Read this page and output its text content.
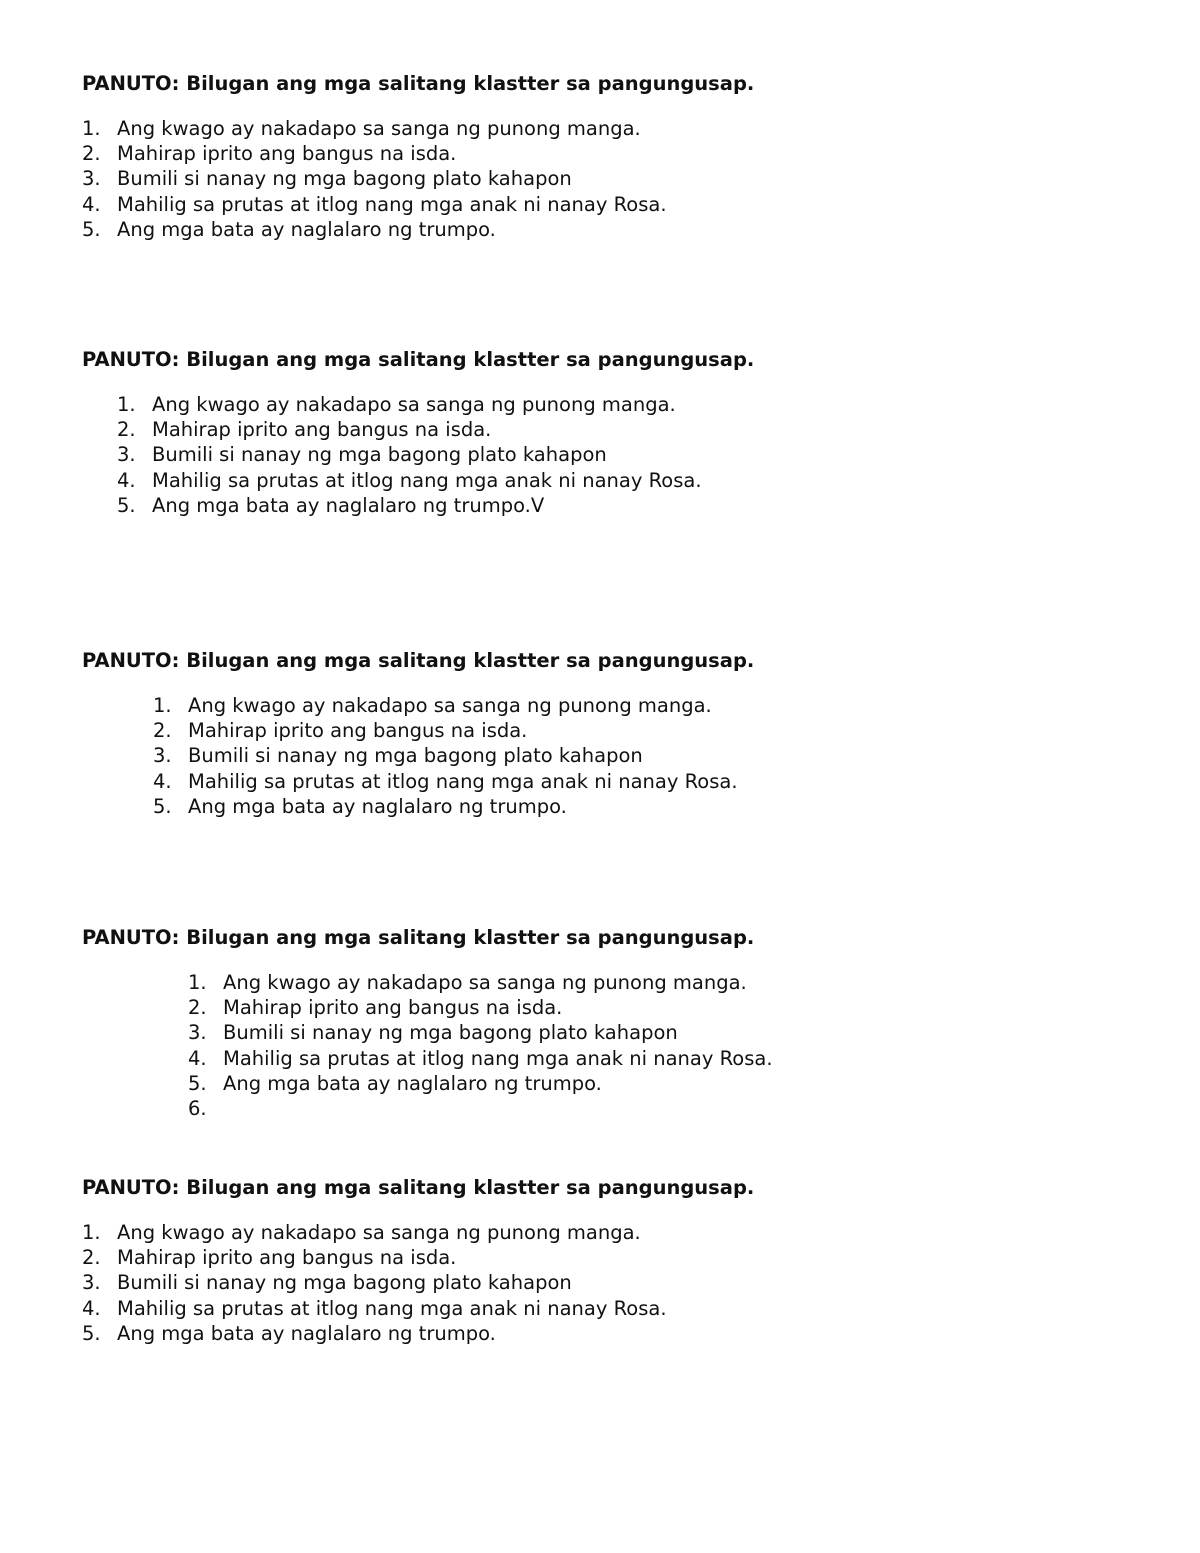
PANUTO: Bilugan ang mga salitang klastter sa pangungusap.

1. Ang kwago ay nakadapo sa sanga ng punong manga.
2. Mahirap iprito ang bangus na isda.
3. Bumili si nanay ng mga bagong plato kahapon
4. Mahilig sa prutas at itlog nang mga anak ni nanay Rosa.
5. Ang mga bata ay naglalaro ng trumpo.

PANUTO: Bilugan ang mga salitang klastter sa pangungusap.

1. Ang kwago ay nakadapo sa sanga ng punong manga.
2. Mahirap iprito ang bangus na isda.
3. Bumili si nanay ng mga bagong plato kahapon
4. Mahilig sa prutas at itlog nang mga anak ni nanay Rosa.
5. Ang mga bata ay naglalaro ng trumpo.V

PANUTO: Bilugan ang mga salitang klastter sa pangungusap.

1. Ang kwago ay nakadapo sa sanga ng punong manga.
2. Mahirap iprito ang bangus na isda.
3. Bumili si nanay ng mga bagong plato kahapon
4. Mahilig sa prutas at itlog nang mga anak ni nanay Rosa.
5. Ang mga bata ay naglalaro ng trumpo.

PANUTO: Bilugan ang mga salitang klastter sa pangungusap.

1. Ang kwago ay nakadapo sa sanga ng punong manga.
2. Mahirap iprito ang bangus na isda.
3. Bumili si nanay ng mga bagong plato kahapon
4. Mahilig sa prutas at itlog nang mga anak ni nanay Rosa.
5. Ang mga bata ay naglalaro ng trumpo.
6.

PANUTO: Bilugan ang mga salitang klastter sa pangungusap.

1. Ang kwago ay nakadapo sa sanga ng punong manga.
2. Mahirap iprito ang bangus na isda.
3. Bumili si nanay ng mga bagong plato kahapon
4. Mahilig sa prutas at itlog nang mga anak ni nanay Rosa.
5. Ang mga bata ay naglalaro ng trumpo.
